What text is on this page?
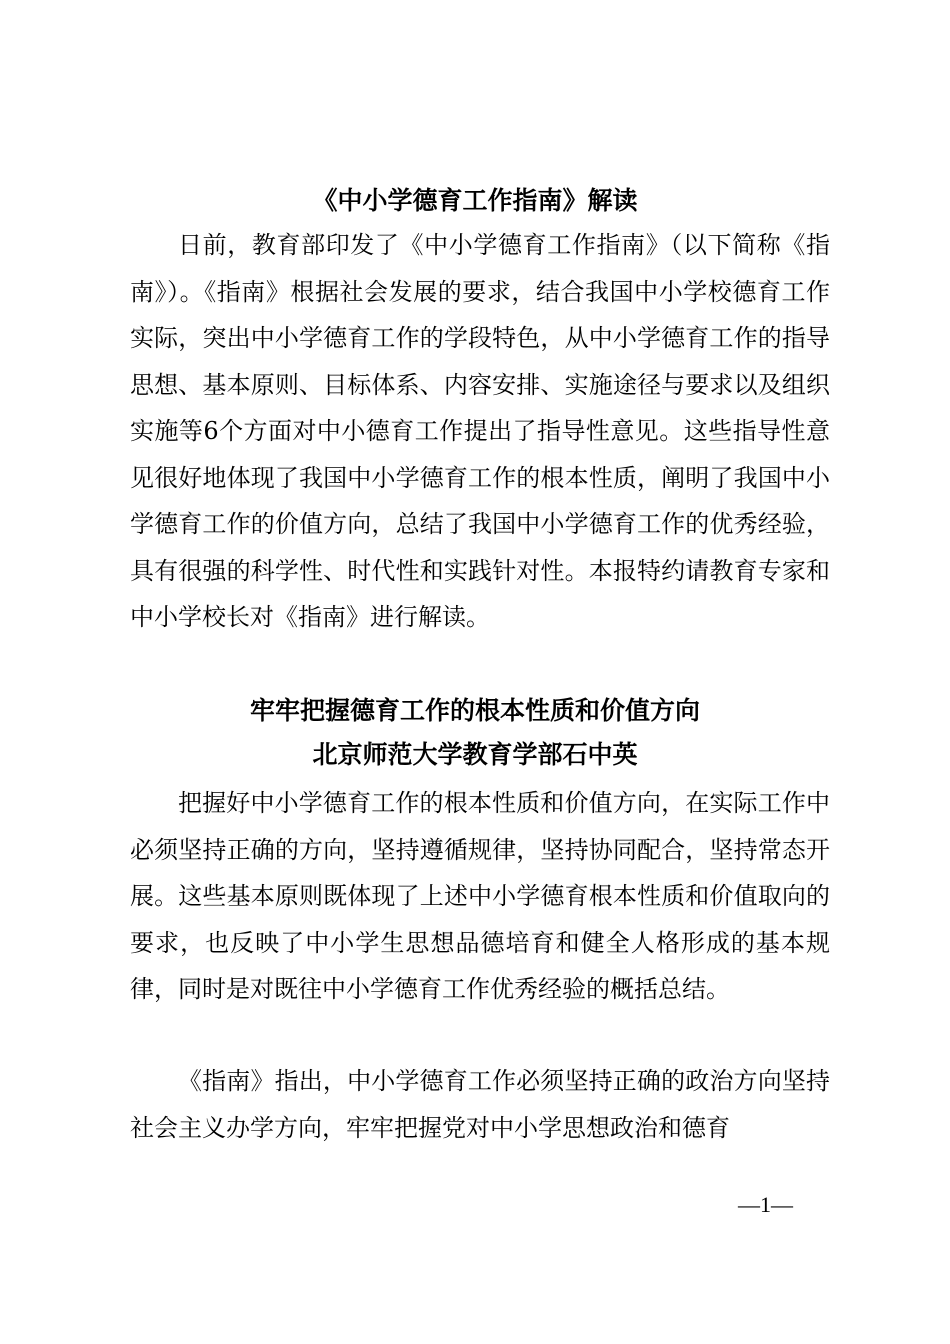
《中小学德育工作指南》解读

日前，教育部印发了《中小学德育工作指南》（以下简称《指南》）。《指南》根据社会发展的要求，结合我国中小学校德育工作实际，突出中小学德育工作的学段特色，从中小学德育工作的指导思想、基本原则、目标体系、内容安排、实施途径与要求以及组织实施等6个方面对中小德育工作提出了指导性意见。这些指导性意见很好地体现了我国中小学德育工作的根本性质，阐明了我国中小学德育工作的价值方向，总结了我国中小学德育工作的优秀经验，具有很强的科学性、时代性和实践针对性。本报特约请教育专家和中小学校长对《指南》进行解读。

牢牢把握德育工作的根本性质和价值方向
北京师范大学教育学部石中英

把握好中小学德育工作的根本性质和价值方向，在实际工作中必须坚持正确的方向，坚持遵循规律，坚持协同配合，坚持常态开展。这些基本原则既体现了上述中小学德育根本性质和价值取向的要求，也反映了中小学生思想品德培育和健全人格形成的基本规律，同时是对既往中小学德育工作优秀经验的概括总结。

《指南》指出，中小学德育工作必须坚持正确的政治方向坚持社会主义办学方向，牢牢把握党对中小学思想政治和德育

—1—
